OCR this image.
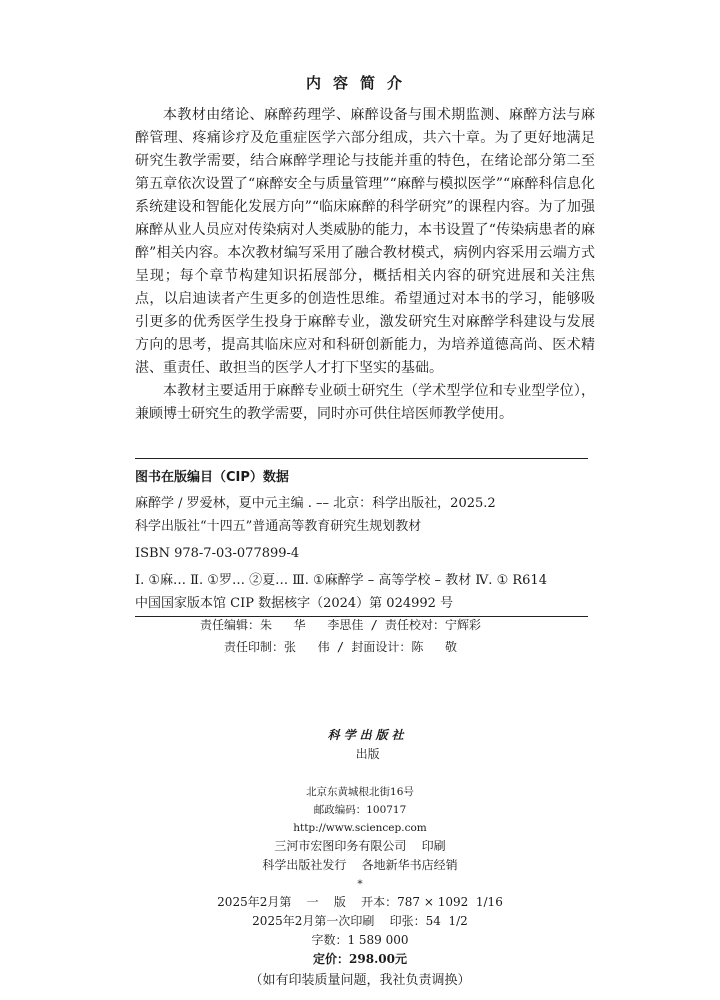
内容简介

本教材由绪论、麻醉药理学、麻醉设备与围术期监测、麻醉方法与麻醉管理、疼痛诊疗及危重症医学六部分组成，共六十章。为了更好地满足研究生教学需要，结合麻醉学理论与技能并重的特色，在绪论部分第二至第五章依次设置了“麻醉安全与质量管理”“麻醉与模拟医学”“麻醉科信息化系统建设和智能化发展方向”“临床麻醉的科学研究”的课程内容。为了加强麻醉从业人员应对传染病对人类威胁的能力，本书设置了“传染病患者的麻醉”相关内容。本次教材编写采用了融合教材模式，病例内容采用云端方式呈现；每个章节构建知识拓展部分，概括相关内容的研究进展和关注焦点，以启迪读者产生更多的创造性思维。希望通过对本书的学习，能够吸引更多的优秀医学生投身于麻醉专业，激发研究生对麻醉学科建设与发展方向的思考，提高其临床应对和科研创新能力，为培养道德高尚、医术精湛、重责任、敢担当的医学人才打下坚实的基础。

本教材主要适用于麻醉专业硕士研究生（学术型学位和专业型学位），兼顾博士研究生的教学需要，同时亦可供住培医师教学使用。

图书在版编目（CIP）数据
麻醉学 / 罗爱林，夏中元主编 . –– 北京：科学出版社，2025.2
科学出版社“十四五”普通高等教育研究生规划教材
ISBN 978-7-03-077899-4
Ⅰ. ①麻… Ⅱ. ①罗… ②夏… Ⅲ. ①麻醉学 – 高等学校 – 教材 Ⅳ. ① R614
中国国家版本馆 CIP 数据核字（2024）第 024992 号
责任编辑：朱   华   李思佳 / 责任校对：宁辉彩
责任印制：张   伟 / 封面设计：陈   敬

科学出版社
出版

北京东黄城根北街16号
邮政编码：100717
http://www.sciencep.com
三河市宏图印务有限公司    印刷
科学出版社发行    各地新华书店经销
*
2025年2月第    一    版    开本：787 × 1092  1/16
2025年2月第一次印刷    印张：54  1/2
字数：1 589 000
定价：298.00元
（如有印装质量问题，我社负责调换）
